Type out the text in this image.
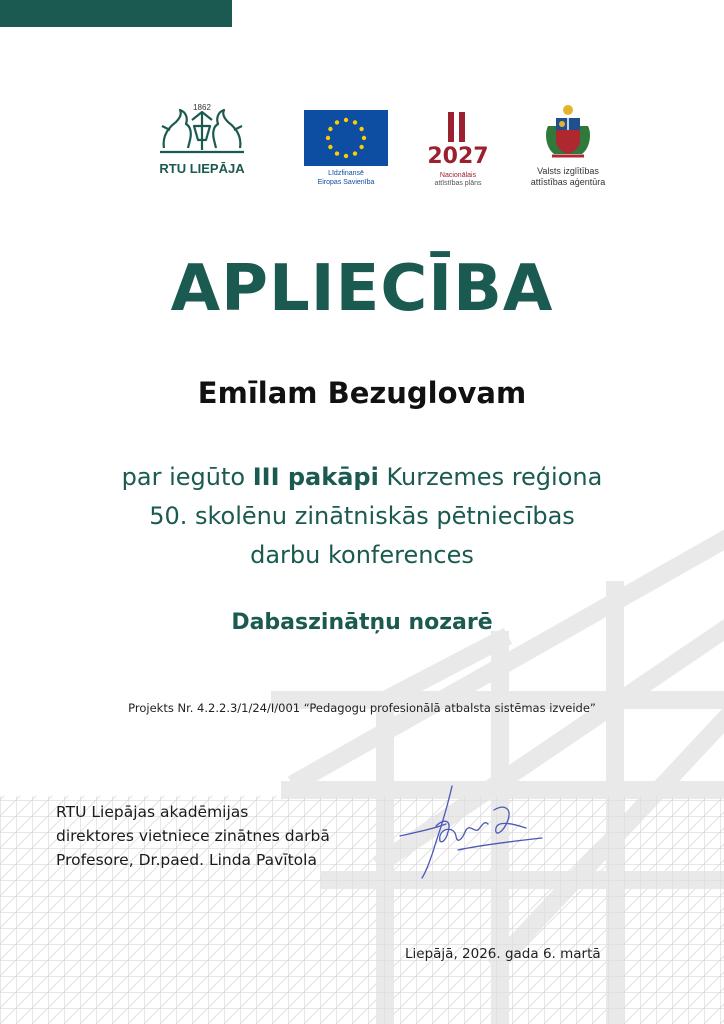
1862
RTU LIEPĀJA	Līdzfinansē
Eiropas Savienība
2027
Nacionālais
attīstības plāns
Valsts izglītības
attīstības aģentūra
APLIECĪBA
Emīlam Bezuglovam
par iegūto III pakāpi Kurzemes reģiona
50. skolēnu zinātniskās pētniecības
darbu konferences
Dabaszinātņu nozarē
Projekts Nr. 4.2.2.3/1/24/I/001 “Pedagogu profesionālā atbalsta sistēmas izveide”
RTU Liepājas akadēmijas
direktores vietniece zinātnes darbā
Profesore, Dr.paed. Linda Pavītola
Liepājā, 2026. gada 6. martā
